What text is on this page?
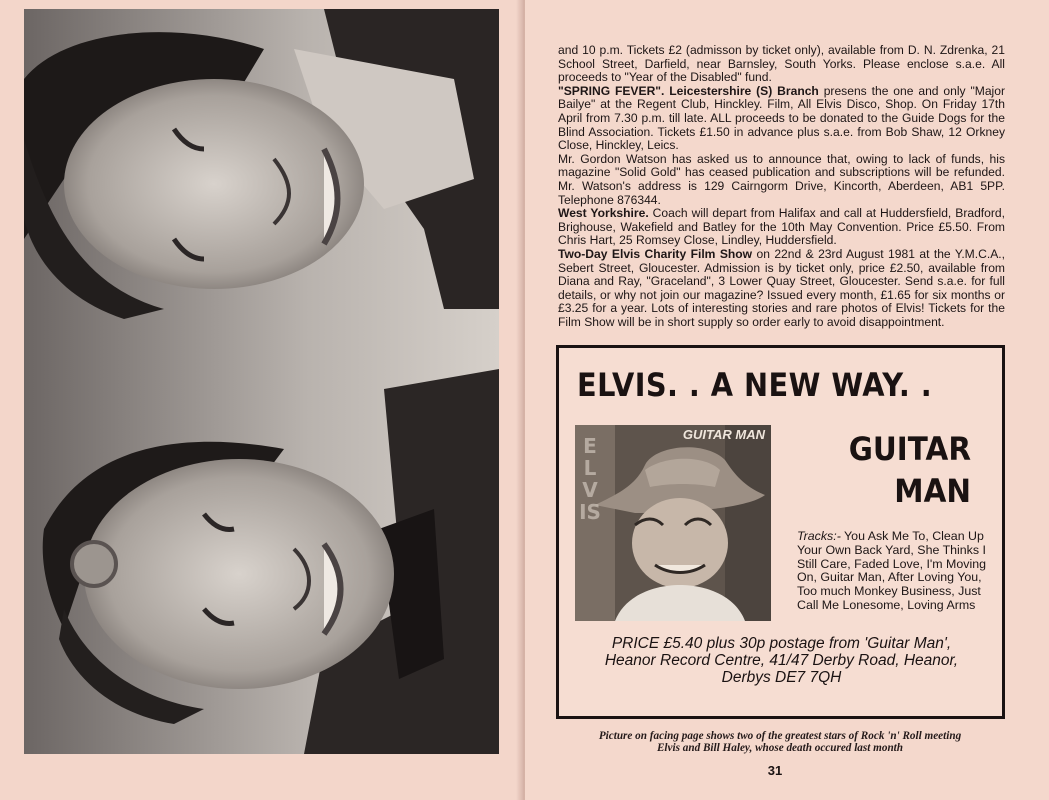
and 10 p.m. Tickets £2 (admisson by ticket only), available from D. N. Zdrenka, 21 School Street, Darfield, near Barnsley, South Yorks. Please enclose s.a.e. All proceeds to "Year of the Disabled" fund.

"SPRING FEVER". Leicestershire (S) Branch presens the one and only "Major Bailye" at the Regent Club, Hinckley. Film, All Elvis Disco, Shop. On Friday 17th April from 7.30 p.m. till late. ALL proceeds to be donated to the Guide Dogs for the Blind Association. Tickets £1.50 in advance plus s.a.e. from Bob Shaw, 12 Orkney Close, Hinckley, Leics.

Mr. Gordon Watson has asked us to announce that, owing to lack of funds, his magazine "Solid Gold" has ceased publication and subscriptions will be refunded. Mr. Watson's address is 129 Cairngorm Drive, Kincorth, Aberdeen, AB1 5PP. Telephone 876344.

West Yorkshire. Coach will depart from Halifax and call at Huddersfield, Bradford, Brighouse, Wakefield and Batley for the 10th May Convention. Price £5.50. From Chris Hart, 25 Romsey Close, Lindley, Huddersfield.

Two-Day Elvis Charity Film Show on 22nd & 23rd August 1981 at the Y.M.C.A., Sebert Street, Gloucester. Admission is by ticket only, price £2.50, available from Diana and Ray, "Graceland", 3 Lower Quay Street, Gloucester. Send s.a.e. for full details, or why not join our magazine? Issued every month, £1.65 for six months or £3.25 for a year. Lots of interesting stories and rare photos of Elvis! Tickets for the Film Show will be in short supply so order early to avoid disappointment.

ELVIS. . A NEW WAY. .
GUITAR MAN
ELVIS
GUITAR
MAN
Tracks:- You Ask Me To, Clean Up Your Own Back Yard, She Thinks I Still Care, Faded Love, I'm Moving On, Guitar Man, After Loving You, Too much Monkey Business, Just Call Me Lonesome, Loving Arms
PRICE £5.40 plus 30p postage from 'Guitar Man',
Heanor Record Centre, 41/47 Derby Road, Heanor,
Derbys DE7 7QH
Picture on facing page shows two of the greatest stars of Rock 'n' Roll meeting
Elvis and Bill Haley, whose death occured last month
31
